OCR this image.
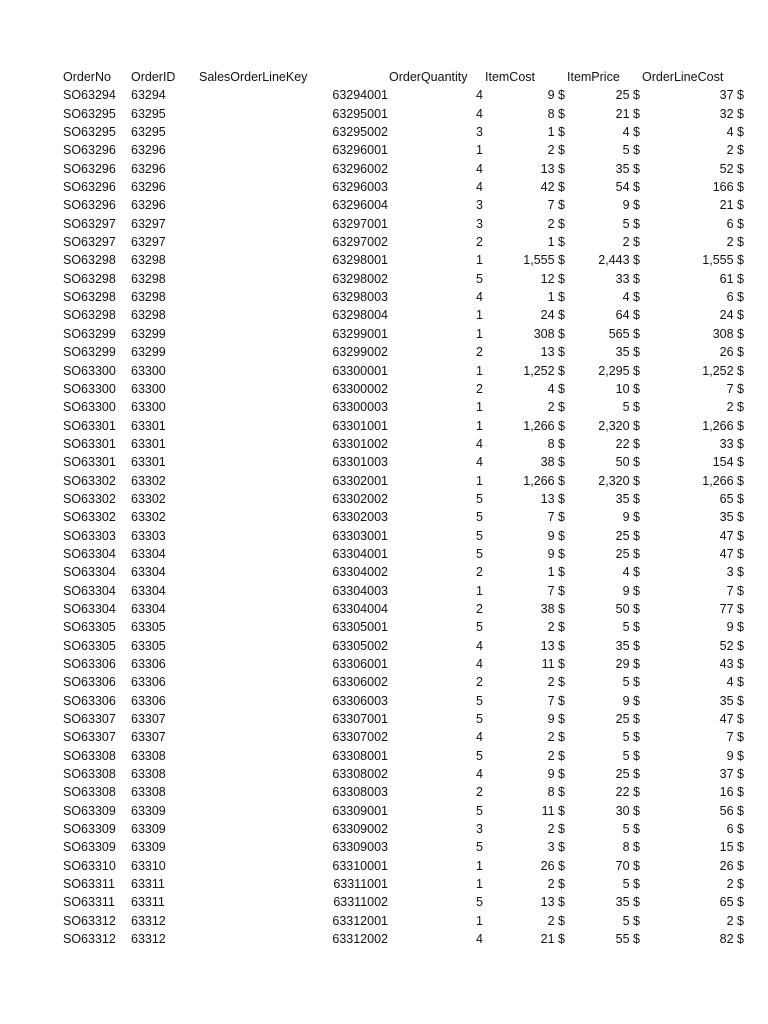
OrderNo	OrderID	SalesOrderLineKey	OrderQuantity	ItemCost	ItemPrice	OrderLineCost
SO63294	63294	63294001	4	9 $	25 $	37 $
SO63295	63295	63295001	4	8 $	21 $	32 $
SO63295	63295	63295002	3	1 $	4 $	4 $
SO63296	63296	63296001	1	2 $	5 $	2 $
SO63296	63296	63296002	4	13 $	35 $	52 $
SO63296	63296	63296003	4	42 $	54 $	166 $
SO63296	63296	63296004	3	7 $	9 $	21 $
SO63297	63297	63297001	3	2 $	5 $	6 $
SO63297	63297	63297002	2	1 $	2 $	2 $
SO63298	63298	63298001	1	1,555 $	2,443 $	1,555 $
SO63298	63298	63298002	5	12 $	33 $	61 $
SO63298	63298	63298003	4	1 $	4 $	6 $
SO63298	63298	63298004	1	24 $	64 $	24 $
SO63299	63299	63299001	1	308 $	565 $	308 $
SO63299	63299	63299002	2	13 $	35 $	26 $
SO63300	63300	63300001	1	1,252 $	2,295 $	1,252 $
SO63300	63300	63300002	2	4 $	10 $	7 $
SO63300	63300	63300003	1	2 $	5 $	2 $
SO63301	63301	63301001	1	1,266 $	2,320 $	1,266 $
SO63301	63301	63301002	4	8 $	22 $	33 $
SO63301	63301	63301003	4	38 $	50 $	154 $
SO63302	63302	63302001	1	1,266 $	2,320 $	1,266 $
SO63302	63302	63302002	5	13 $	35 $	65 $
SO63302	63302	63302003	5	7 $	9 $	35 $
SO63303	63303	63303001	5	9 $	25 $	47 $
SO63304	63304	63304001	5	9 $	25 $	47 $
SO63304	63304	63304002	2	1 $	4 $	3 $
SO63304	63304	63304003	1	7 $	9 $	7 $
SO63304	63304	63304004	2	38 $	50 $	77 $
SO63305	63305	63305001	5	2 $	5 $	9 $
SO63305	63305	63305002	4	13 $	35 $	52 $
SO63306	63306	63306001	4	11 $	29 $	43 $
SO63306	63306	63306002	2	2 $	5 $	4 $
SO63306	63306	63306003	5	7 $	9 $	35 $
SO63307	63307	63307001	5	9 $	25 $	47 $
SO63307	63307	63307002	4	2 $	5 $	7 $
SO63308	63308	63308001	5	2 $	5 $	9 $
SO63308	63308	63308002	4	9 $	25 $	37 $
SO63308	63308	63308003	2	8 $	22 $	16 $
SO63309	63309	63309001	5	11 $	30 $	56 $
SO63309	63309	63309002	3	2 $	5 $	6 $
SO63309	63309	63309003	5	3 $	8 $	15 $
SO63310	63310	63310001	1	26 $	70 $	26 $
SO63311	63311	63311001	1	2 $	5 $	2 $
SO63311	63311	63311002	5	13 $	35 $	65 $
SO63312	63312	63312001	1	2 $	5 $	2 $
SO63312	63312	63312002	4	21 $	55 $	82 $
